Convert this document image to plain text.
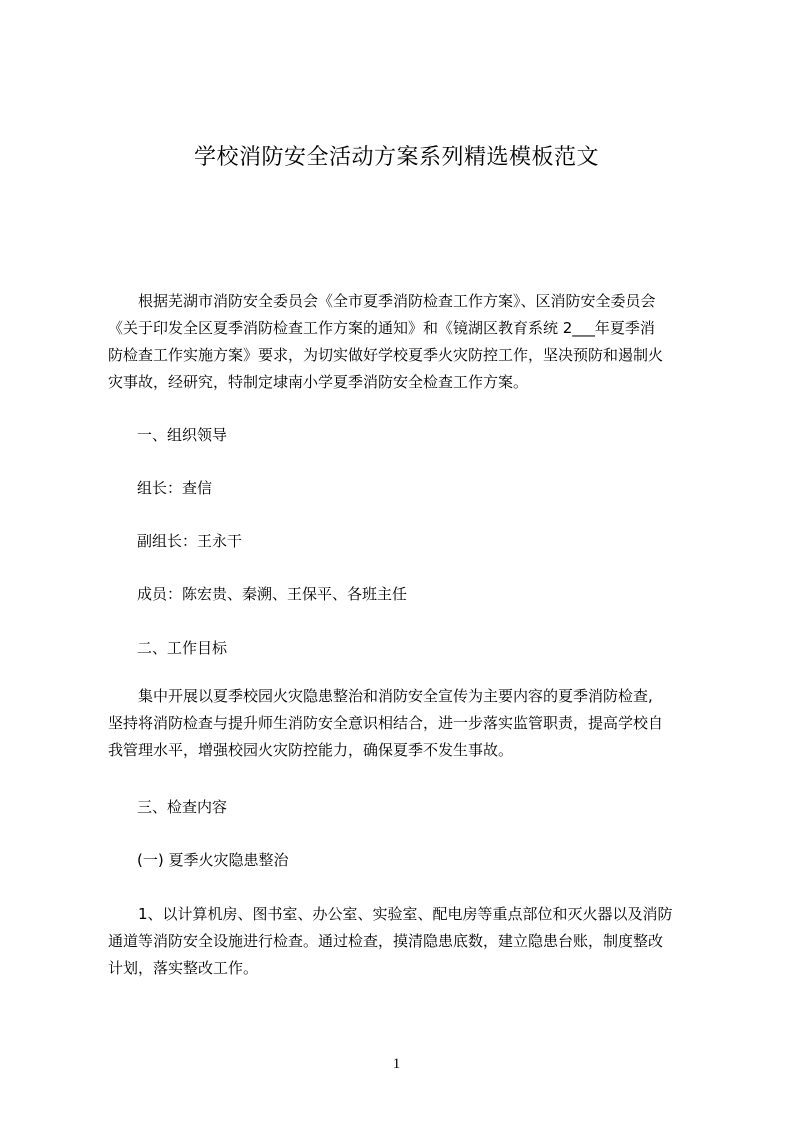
学校消防安全活动方案系列精选模板范文
根据芜湖市消防安全委员会《全市夏季消防检查工作方案》、区消防安全委员会
《关于印发全区夏季消防检查工作方案的通知》和《镜湖区教育系统 2___年夏季消
防检查工作实施方案》要求，为切实做好学校夏季火灾防控工作，坚决预防和遏制火
灾事故，经研究，特制定埭南小学夏季消防安全检查工作方案。
一、组织领导
组长：查信
副组长：王永干
成员：陈宏贵、秦溯、王保平、各班主任
二、工作目标
集中开展以夏季校园火灾隐患整治和消防安全宣传为主要内容的夏季消防检查,
坚持将消防检查与提升师生消防安全意识相结合，进一步落实监管职责，提高学校自
我管理水平，增强校园火灾防控能力，确保夏季不发生事故。
三、检查内容
(一) 夏季火灾隐患整治
1、以计算机房、图书室、办公室、实验室、配电房等重点部位和灭火器以及消防
通道等消防安全设施进行检查。通过检查，摸清隐患底数，建立隐患台账，制度整改
计划，落实整改工作。
1
